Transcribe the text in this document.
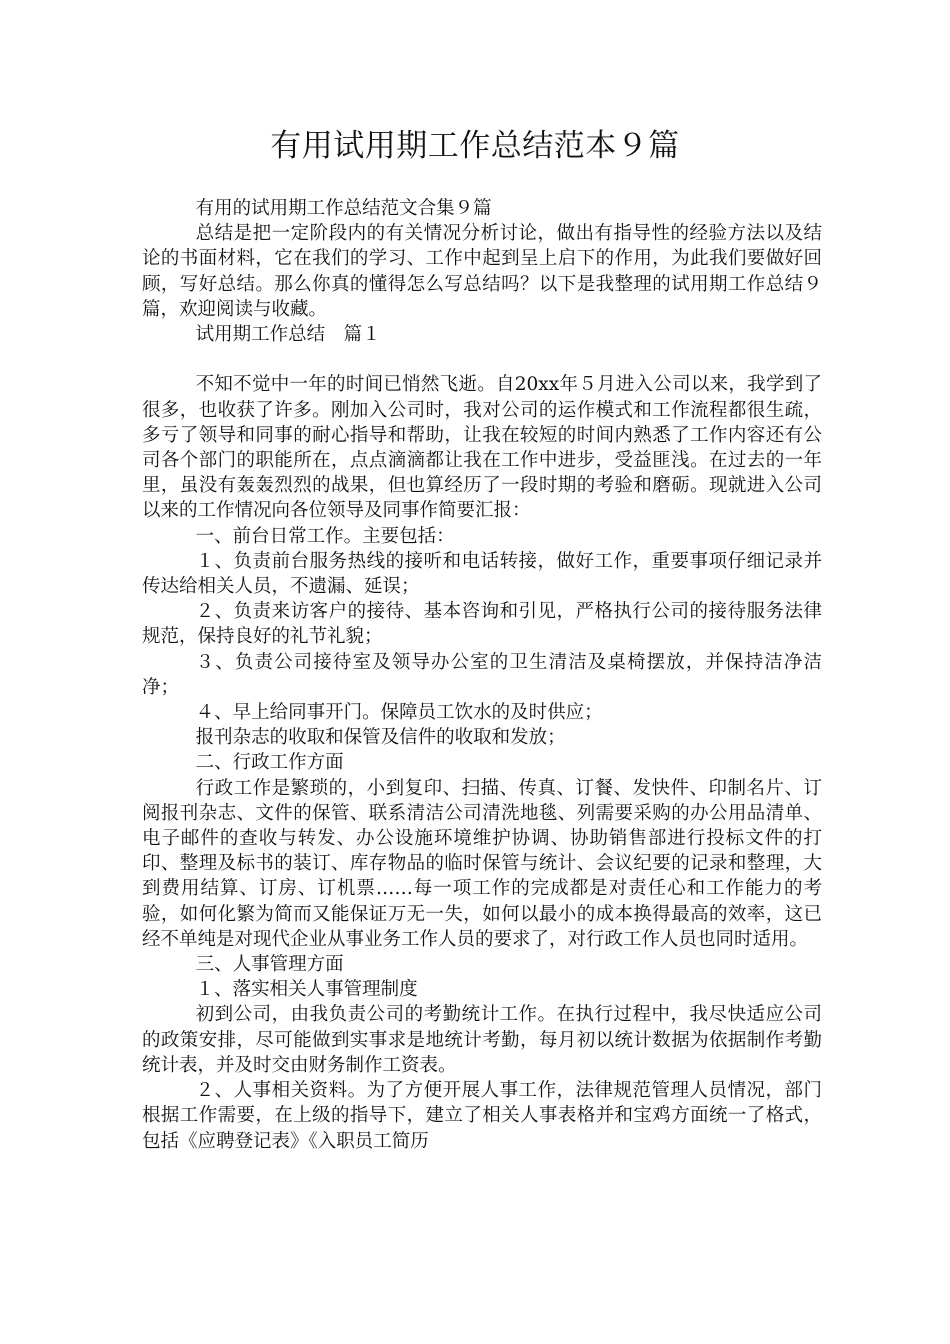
有用试用期工作总结范本９篇

有用的试用期工作总结范文合集９篇

总结是把一定阶段内的有关情况分析讨论，做出有指导性的经验方法以及结论的书面材料，它在我们的学习、工作中起到呈上启下的作用，为此我们要做好回顾，写好总结。那么你真的懂得怎么写总结吗？以下是我整理的试用期工作总结９篇，欢迎阅读与收藏。

试用期工作总结　篇１

不知不觉中一年的时间已悄然飞逝。自20xx年５月进入公司以来，我学到了很多，也收获了许多。刚加入公司时，我对公司的运作模式和工作流程都很生疏，多亏了领导和同事的耐心指导和帮助，让我在较短的时间内熟悉了工作内容还有公司各个部门的职能所在，点点滴滴都让我在工作中进步，受益匪浅。在过去的一年里，虽没有轰轰烈烈的战果，但也算经历了一段时期的考验和磨砺。现就进入公司以来的工作情况向各位领导及同事作简要汇报：

一、前台日常工作。主要包括：

１、负责前台服务热线的接听和电话转接，做好工作，重要事项仔细记录并传达给相关人员，不遗漏、延误；

２、负责来访客户的接待、基本咨询和引见，严格执行公司的接待服务法律规范，保持良好的礼节礼貌；

３、负责公司接待室及领导办公室的卫生清洁及桌椅摆放，并保持洁净洁净；

４、早上给同事开门。保障员工饮水的及时供应；

报刊杂志的收取和保管及信件的收取和发放；

二、行政工作方面

行政工作是繁琐的，小到复印、扫描、传真、订餐、发快件、印制名片、订阅报刊杂志、文件的保管、联系清洁公司清洗地毯、列需要采购的办公用品清单、电子邮件的查收与转发、办公设施环境维护协调、协助销售部进行投标文件的打印、整理及标书的装订、库存物品的临时保管与统计、会议纪要的记录和整理，大到费用结算、订房、订机票……每一项工作的完成都是对责任心和工作能力的考验，如何化繁为简而又能保证万无一失，如何以最小的成本换得最高的效率，这已经不单纯是对现代企业从事业务工作人员的要求了，对行政工作人员也同时适用。

三、人事管理方面

１、落实相关人事管理制度

初到公司，由我负责公司的考勤统计工作。在执行过程中，我尽快适应公司的政策安排，尽可能做到实事求是地统计考勤，每月初以统计数据为依据制作考勤统计表，并及时交由财务制作工资表。

２、人事相关资料。为了方便开展人事工作，法律规范管理人员情况，部门根据工作需要，在上级的指导下，建立了相关人事表格并和宝鸡方面统一了格式，包括《应聘登记表》《入职员工简历
